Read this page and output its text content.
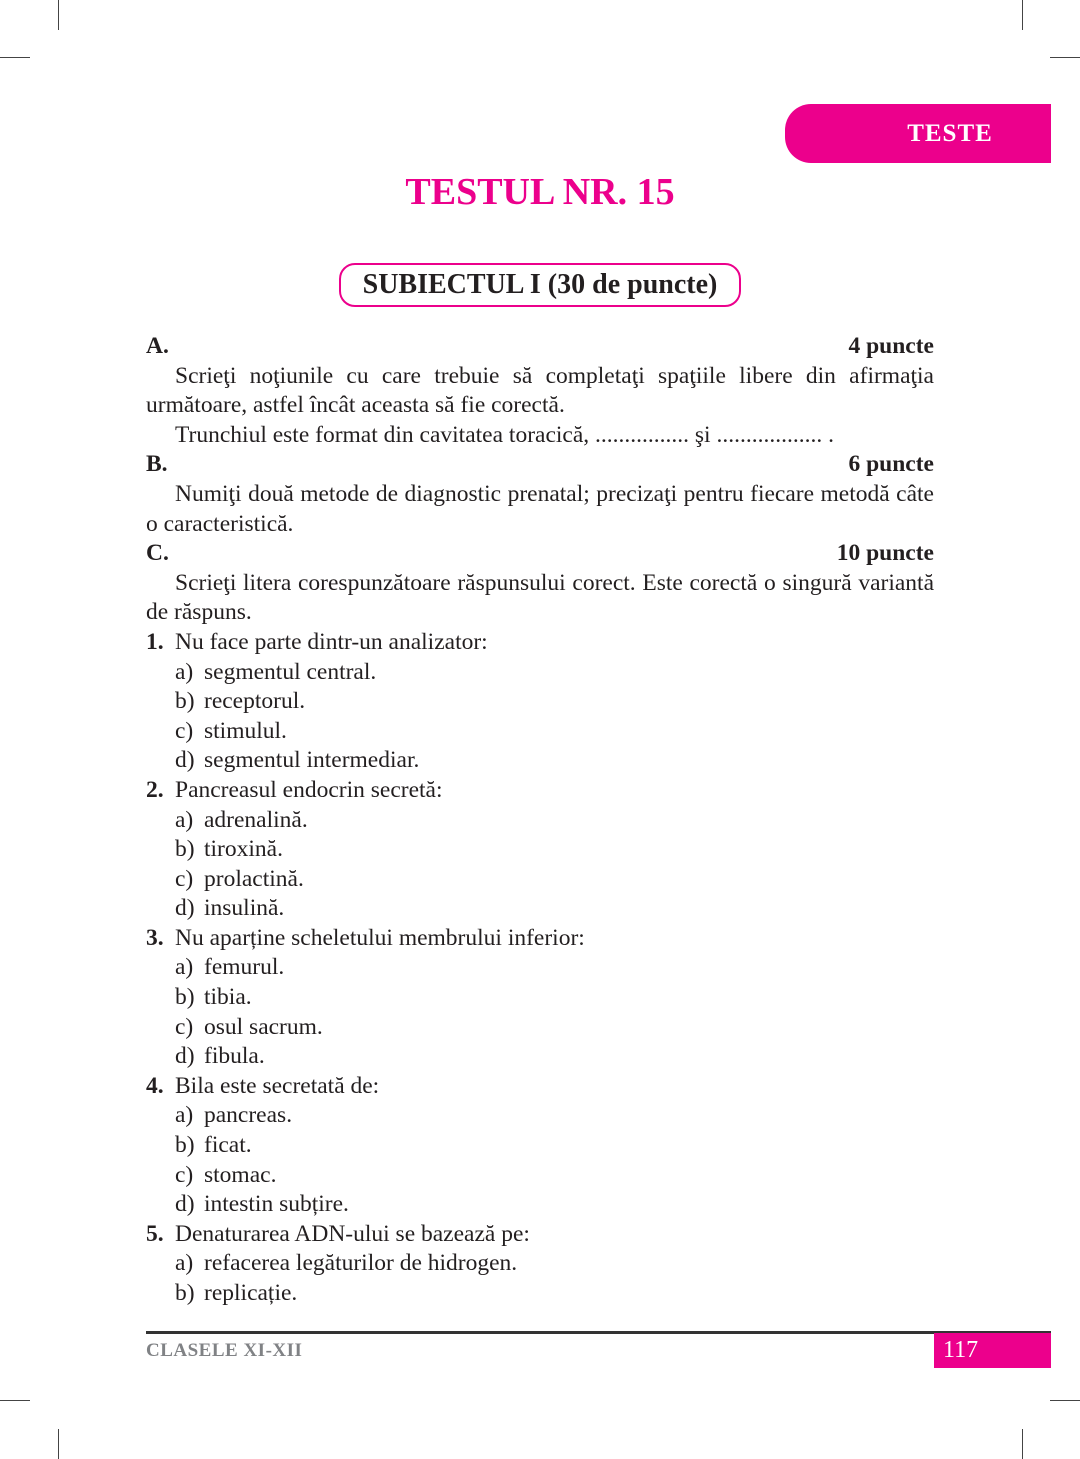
TESTE
TESTUL NR. 15
SUBIECTUL I (30 de puncte)
A.	4 puncte
Scrieţi noţiunile cu care trebuie să completaţi spaţiile libere din afirmaţia următoare, astfel încât aceasta să fie corectă.
Trunchiul este format din cavitatea toracică, ................ şi .................. .
B.	6 puncte
Numiţi două metode de diagnostic prenatal; precizaţi pentru fiecare metodă câte o caracteristică.
C.	10 puncte
Scrieţi litera corespunzătoare răspunsului corect. Este corectă o singură variantă de răspuns.
1. Nu face parte dintr-un analizator:
a) segmentul central.
b) receptorul.
c) stimulul.
d) segmentul intermediar.
2. Pancreasul endocrin secretă:
a) adrenalină.
b) tiroxină.
c) prolactină.
d) insulină.
3. Nu aparține scheletului membrului inferior:
a) femurul.
b) tibia.
c) osul sacrum.
d) fibula.
4. Bila este secretată de:
a) pancreas.
b) ficat.
c) stomac.
d) intestin subțire.
5. Denaturarea ADN-ului se bazează pe:
a) refacerea legăturilor de hidrogen.
b) replicație.
CLASELE XI-XII	117
